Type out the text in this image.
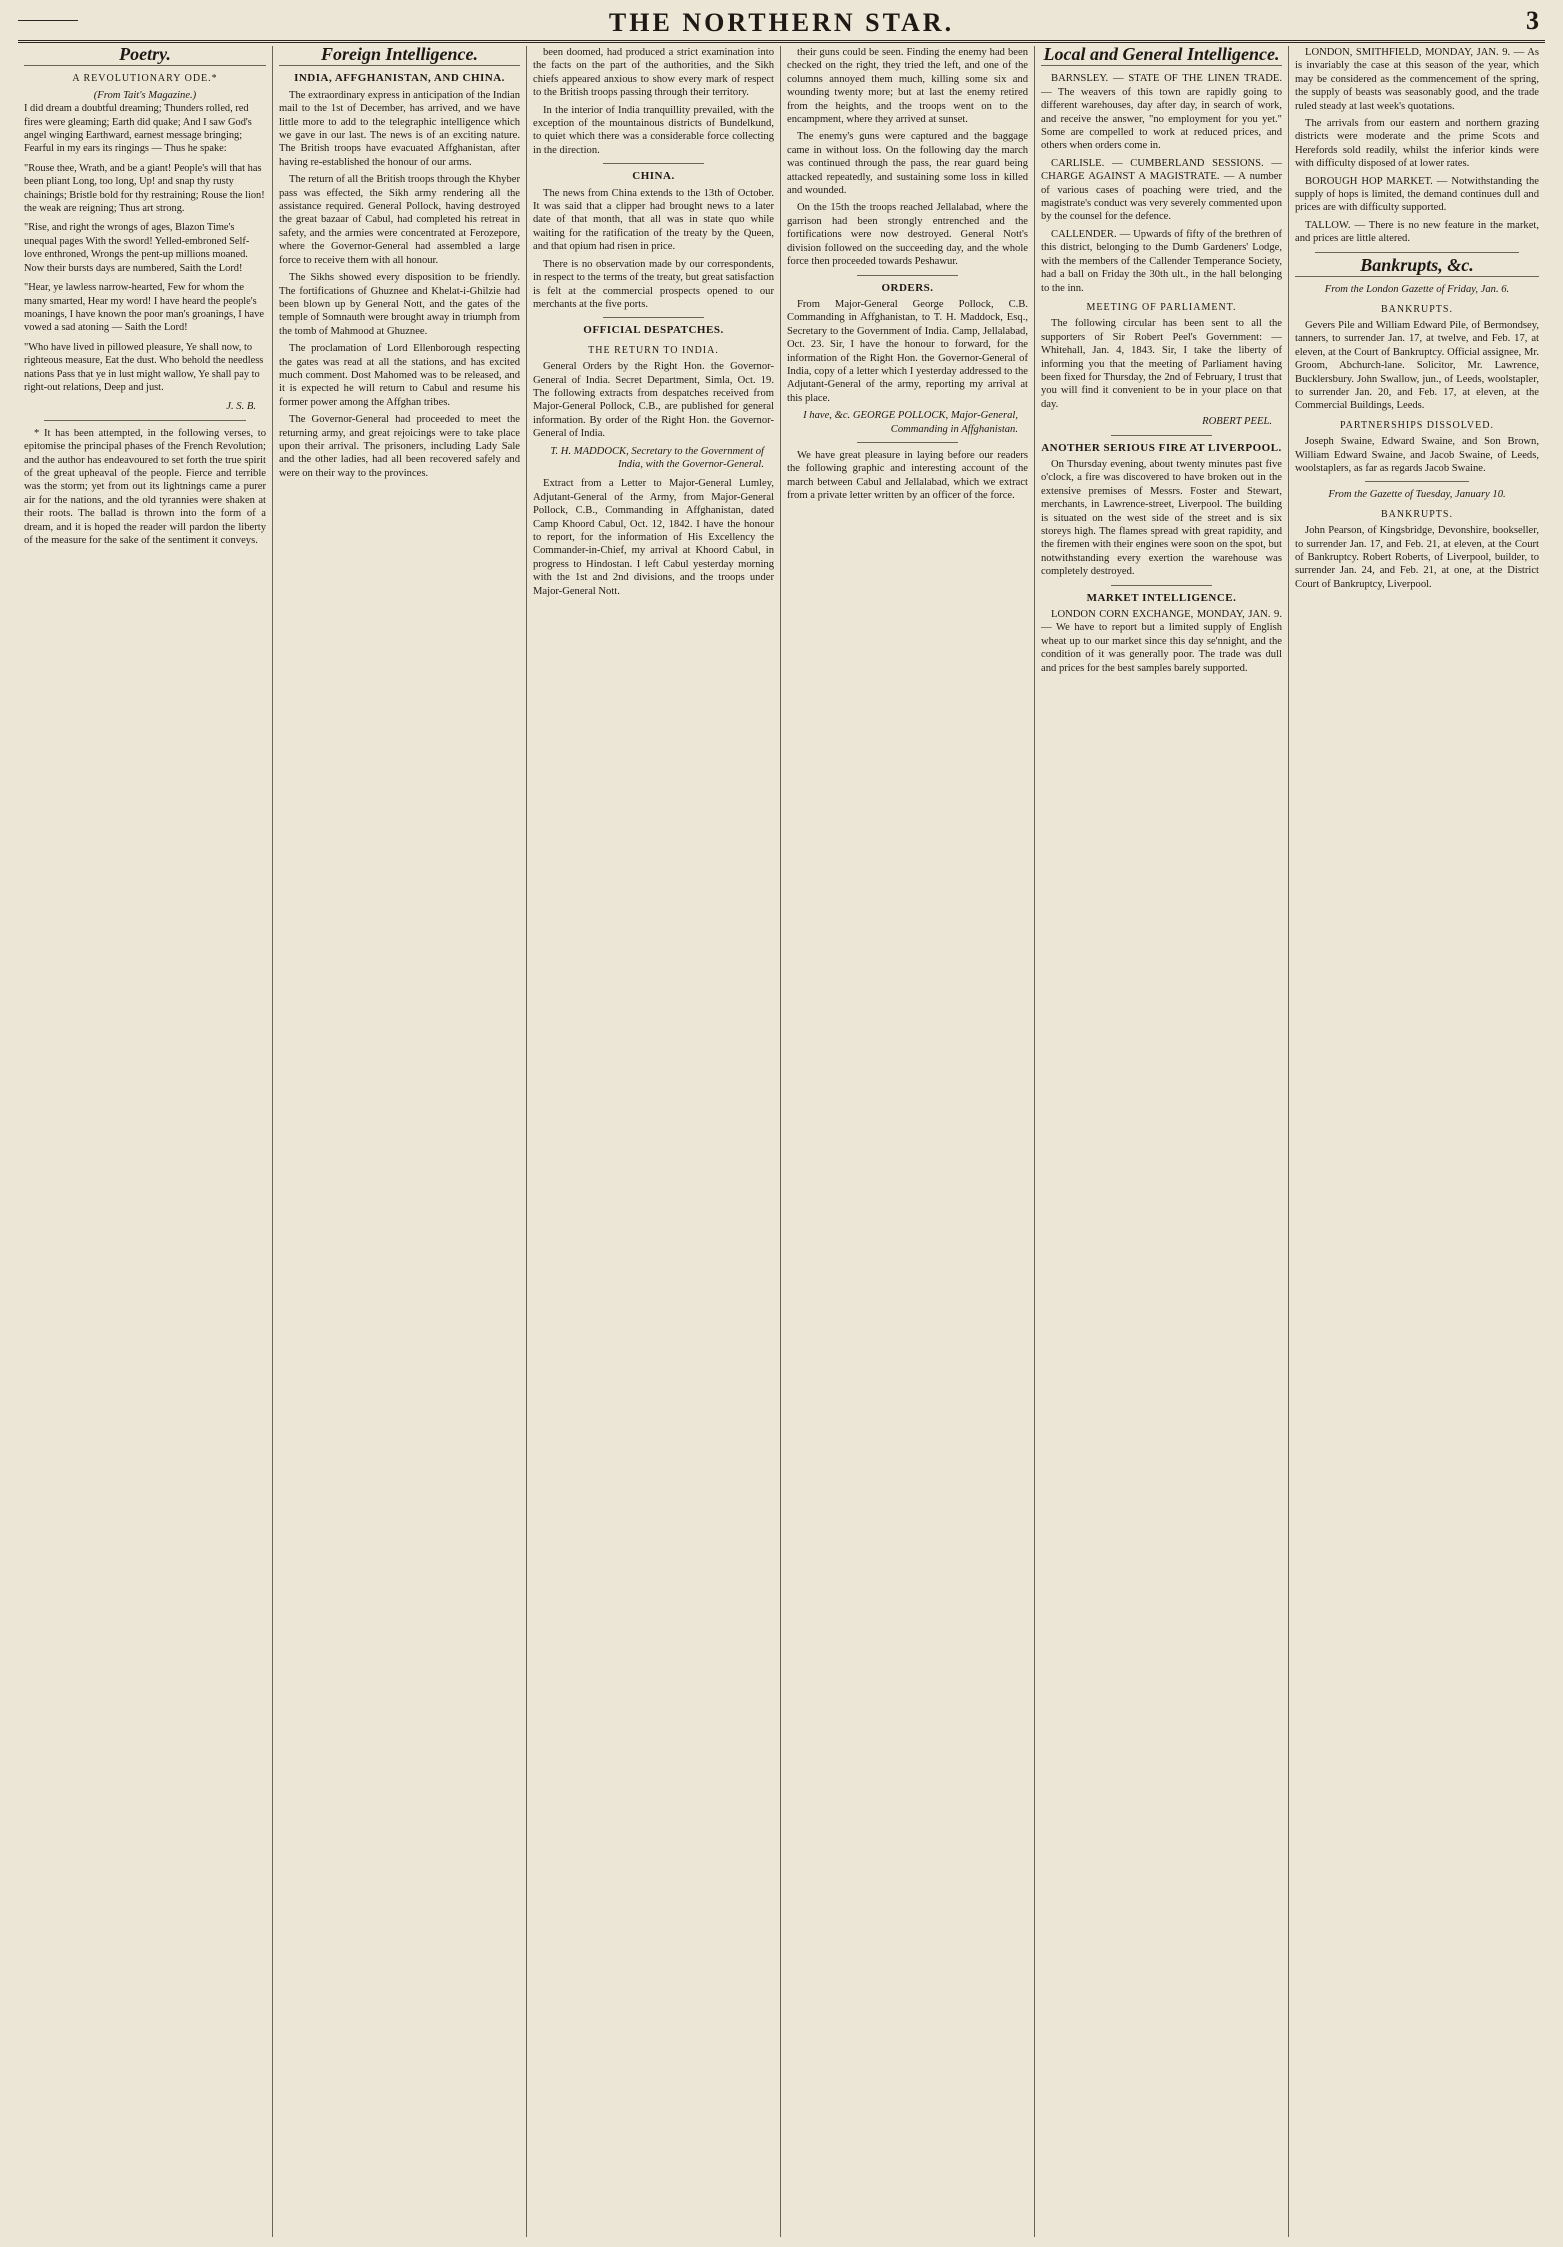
THE NORTHERN STAR.	3
Poetry.
A REVOLUTIONARY ODE.*
(From Tait's Magazine.)

I did dream a doubtful dreaming; Thunders rolled, red fires were gleaming; Earth did quake; And I saw God's angel winging Earthward, earnest message bringing; Fearful in my ears its ringings — Thus he spake:

"Rouse thee, Wrath, and be a giant! People's will that has been pliant Long, too long, Up! and snap thy rusty chainings; Bristle bold for thy restraining; Rouse the lion! the weak are reigning; Thus art strong.

"Rise, and right the wrongs of ages, Blazon Time's unequal pages With the sword! Yelled-embroned Self-love enthroned, Wrongs the pent-up millions moaned. Now their bursts days are numbered, Saith the Lord!

"Hear, ye lawless narrow-hearted, Few for whom the many smarted, Hear my word! I have heard the people's moanings, I have known the poor man's groanings, I have vowed a sad atoning — Saith the Lord!

"Who have lived in pillowed pleasure, Ye shall now, to righteous measure, Eat the dust. Who behold the needless nations Pass that ye in lust might wallow, Ye shall pay to right-out relations, Deep and just.

J. S. B.

* It has been attempted, in the following verses, to epitomise the principal phases of the French Revolution; and the author has endeavoured to set forth the true spirit of the great upheaval of the people. Fierce and terrible was the storm; yet from out its lightnings came a purer air for the nations, and the old tyrannies were shaken at their roots. The ballad is thrown into the form of a dream, and it is hoped the reader will pardon the liberty of the measure for the sake of the sentiment it conveys.

Foreign Intelligence.
INDIA, AFFGHANISTAN, AND CHINA.

The extraordinary express in anticipation of the Indian mail to the 1st of December, has arrived, and we have little more to add to the telegraphic intelligence which we gave in our last. The news is of an exciting nature. The British troops have evacuated Affghanistan, after having re-established the honour of our arms.

The return of all the British troops through the Khyber pass was effected, the Sikh army rendering all the assistance required. General Pollock, having destroyed the great bazaar of Cabul, had completed his retreat in safety, and the armies were concentrated at Ferozepore, where the Governor-General had assembled a large force to receive them with all honour.

The Sikhs showed every disposition to be friendly. The fortifications of Ghuznee and Khelat-i-Ghilzie had been blown up by General Nott, and the gates of the temple of Somnauth were brought away in triumph from the tomb of Mahmood at Ghuznee.

The proclamation of Lord Ellenborough respecting the gates was read at all the stations, and has excited much comment. Dost Mahomed was to be released, and it is expected he will return to Cabul and resume his former power among the Affghan tribes.

The Governor-General had proceeded to meet the returning army, and great rejoicings were to take place upon their arrival. The prisoners, including Lady Sale and the other ladies, had all been recovered safely and were on their way to the provinces.

been doomed, had produced a strict examination into the facts on the part of the authorities, and the Sikh chiefs appeared anxious to show every mark of respect to the British troops passing through their territory.

In the interior of India tranquillity prevailed, with the exception of the mountainous districts of Bundelkund, to quiet which there was a considerable force collecting in the direction.

CHINA.

The news from China extends to the 13th of October. It was said that a clipper had brought news to a later date of that month, that all was in state quo while waiting for the ratification of the treaty by the Queen, and that opium had risen in price.

There is no observation made by our correspondents, in respect to the terms of the treaty, but great satisfaction is felt at the commercial prospects opened to our merchants at the five ports.

OFFICIAL DESPATCHES.
THE RETURN TO INDIA.

General Orders by the Right Hon. the Governor-General of India. Secret Department, Simla, Oct. 19. The following extracts from despatches received from Major-General Pollock, C.B., are published for general information. By order of the Right Hon. the Governor-General of India.

T. H. MADDOCK, Secretary to the Government of India, with the Governor-General.

Extract from a Letter to Major-General Lumley, Adjutant-General of the Army, from Major-General Pollock, C.B., Commanding in Affghanistan, dated Camp Khoord Cabul, Oct. 12, 1842. I have the honour to report, for the information of His Excellency the Commander-in-Chief, my arrival at Khoord Cabul, in progress to Hindostan. I left Cabul yesterday morning with the 1st and 2nd divisions, and the troops under Major-General Nott.

their guns could be seen. Finding the enemy had been checked on the right, they tried the left, and one of the columns annoyed them much, killing some six and wounding twenty more; but at last the enemy retired from the heights, and the troops went on to the encampment, where they arrived at sunset.

The enemy's guns were captured and the baggage came in without loss. On the following day the march was continued through the pass, the rear guard being attacked repeatedly, and sustaining some loss in killed and wounded.

On the 15th the troops reached Jellalabad, where the garrison had been strongly entrenched and the fortifications were now destroyed. General Nott's division followed on the succeeding day, and the whole force then proceeded towards Peshawur.

ORDERS.

From Major-General George Pollock, C.B. Commanding in Affghanistan, to T. H. Maddock, Esq., Secretary to the Government of India. Camp, Jellalabad, Oct. 23. Sir, I have the honour to forward, for the information of the Right Hon. the Governor-General of India, copy of a letter which I yesterday addressed to the Adjutant-General of the army, reporting my arrival at this place.

I have, &c. GEORGE POLLOCK, Major-General, Commanding in Affghanistan.

We have great pleasure in laying before our readers the following graphic and interesting account of the march between Cabul and Jellalabad, which we extract from a private letter written by an officer of the force.

Local and General Intelligence.

BARNSLEY. — STATE OF THE LINEN TRADE. — The weavers of this town are rapidly going to different warehouses, day after day, in search of work, and receive the answer, "no employment for you yet." Some are compelled to work at reduced prices, and others when orders come in.

CARLISLE. — CUMBERLAND SESSIONS. — CHARGE AGAINST A MAGISTRATE. — A number of various cases of poaching were tried, and the magistrate's conduct was very severely commented upon by the counsel for the defence.

CALLENDER. — Upwards of fifty of the brethren of this district, belonging to the Dumb Gardeners' Lodge, with the members of the Callender Temperance Society, had a ball on Friday the 30th ult., in the hall belonging to the inn.

MEETING OF PARLIAMENT.

The following circular has been sent to all the supporters of Sir Robert Peel's Government: — Whitehall, Jan. 4, 1843. Sir, I take the liberty of informing you that the meeting of Parliament having been fixed for Thursday, the 2nd of February, I trust that you will find it convenient to be in your place on that day.

ROBERT PEEL.
ANOTHER SERIOUS FIRE AT LIVERPOOL.

On Thursday evening, about twenty minutes past five o'clock, a fire was discovered to have broken out in the extensive premises of Messrs. Foster and Stewart, merchants, in Lawrence-street, Liverpool. The building is situated on the west side of the street and is six storeys high. The flames spread with great rapidity, and the firemen with their engines were soon on the spot, but notwithstanding every exertion the warehouse was completely destroyed.

MARKET INTELLIGENCE.

LONDON CORN EXCHANGE, MONDAY, JAN. 9. — We have to report but a limited supply of English wheat up to our market since this day se'nnight, and the condition of it was generally poor. The trade was dull and prices for the best samples barely supported.

LONDON, SMITHFIELD, MONDAY, JAN. 9. — As is invariably the case at this season of the year, which may be considered as the commencement of the spring, the supply of beasts was seasonably good, and the trade ruled steady at last week's quotations.

The arrivals from our eastern and northern grazing districts were moderate and the prime Scots and Herefords sold readily, whilst the inferior kinds were with difficulty disposed of at lower rates.

BOROUGH HOP MARKET. — Notwithstanding the supply of hops is limited, the demand continues dull and prices are with difficulty supported.

TALLOW. — There is no new feature in the market, and prices are little altered.

Bankrupts, &c.
From the London Gazette of Friday, Jan. 6.
BANKRUPTS.

Gevers Pile and William Edward Pile, of Bermondsey, tanners, to surrender Jan. 17, at twelve, and Feb. 17, at eleven, at the Court of Bankruptcy. Official assignee, Mr. Groom, Abchurch-lane. Solicitor, Mr. Lawrence, Bucklersbury. John Swallow, jun., of Leeds, woolstapler, to surrender Jan. 20, and Feb. 17, at eleven, at the Commercial Buildings, Leeds.

PARTNERSHIPS DISSOLVED.

Joseph Swaine, Edward Swaine, and Son Brown, William Edward Swaine, and Jacob Swaine, of Leeds, woolstaplers, as far as regards Jacob Swaine.

From the Gazette of Tuesday, January 10.
BANKRUPTS.

John Pearson, of Kingsbridge, Devonshire, bookseller, to surrender Jan. 17, and Feb. 21, at eleven, at the Court of Bankruptcy. Robert Roberts, of Liverpool, builder, to surrender Jan. 24, and Feb. 21, at one, at the District Court of Bankruptcy, Liverpool.
